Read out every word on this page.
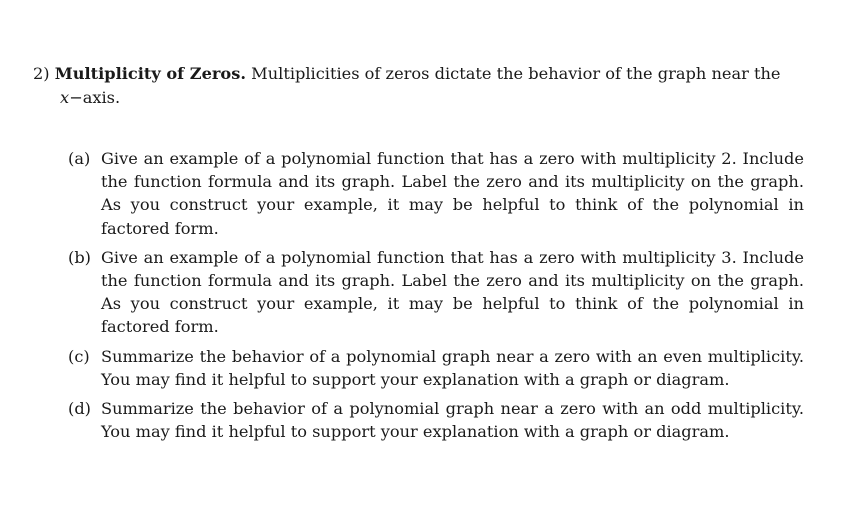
2) Multiplicity of Zeros. Multiplicities of zeros dictate the behavior of the graph near the
x−axis.
(a) Give an example of a polynomial function that has a zero with multiplicity 2. Include the function formula and its graph. Label the zero and its multiplicity on the graph. As you construct your example, it may be helpful to think of the polynomial in factored form.
(b) Give an example of a polynomial function that has a zero with multiplicity 3. Include the function formula and its graph. Label the zero and its multiplicity on the graph. As you construct your example, it may be helpful to think of the polynomial in factored form.
(c) Summarize the behavior of a polynomial graph near a zero with an even multiplicity. You may find it helpful to support your explanation with a graph or diagram.
(d) Summarize the behavior of a polynomial graph near a zero with an odd multiplicity. You may find it helpful to support your explanation with a graph or diagram.
